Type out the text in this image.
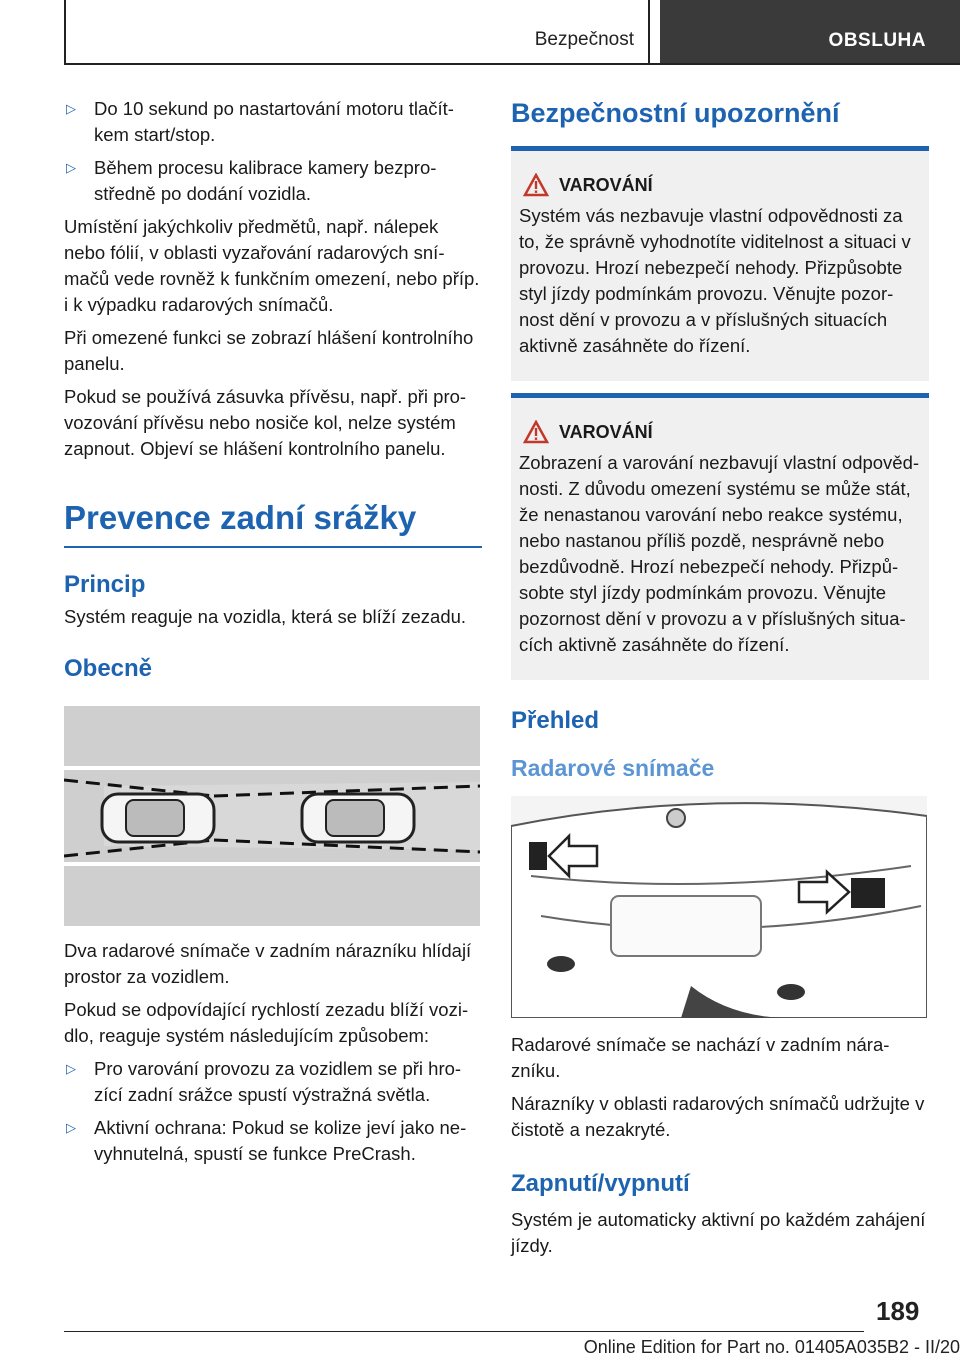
Bezpečnost	OBSLUHA
▷ Do 10 sekund po nastartování motoru tlačítkem start/stop.
▷ Během procesu kalibrace kamery bezprostředně po dodání vozidla.

Umístění jakýchkoliv předmětů, např. nálepek nebo fólií, v oblasti vyzařování radarových snímačů vede rovněž k funkčním omezení, nebo příp. i k výpadku radarových snímačů.

Při omezené funkci se zobrazí hlášení kontrolního panelu.

Pokud se používá zásuvka přívěsu, např. při provozování přívěsu nebo nosiče kol, nelze systém zapnout. Objeví se hlášení kontrolního panelu.

Prevence zadní srážky
Princip

Systém reaguje na vozidla, která se blíží zezadu.

Obecně

Dva radarové snímače v zadním nárazníku hlídají prostor za vozidlem.

Pokud se odpovídající rychlostí zezadu blíží vozidlo, reaguje systém následujícím způsobem:

▷ Pro varování provozu za vozidlem se při hrozící zadní srážce spustí výstražná světla.
▷ Aktivní ochrana: Pokud se kolize jeví jako nevyhnutelná, spustí se funkce PreCrash.
Bezpečnostní upozornění
VAROVÁNÍ

Systém vás nezbavuje vlastní odpovědnosti za to, že správně vyhodnotíte viditelnost a situaci v provozu. Hrozí nebezpečí nehody. Přizpůsobte styl jízdy podmínkám provozu. Věnujte pozornost dění v provozu a v příslušných situacích aktivně zasáhněte do řízení.

VAROVÁNÍ

Zobrazení a varování nezbavují vlastní odpovědnosti. Z důvodu omezení systému se může stát, že nenastanou varování nebo reakce systému, nebo nastanou příliš pozdě, nesprávně nebo bezdůvodně. Hrozí nebezpečí nehody. Přizpůsobte styl jízdy podmínkám provozu. Věnujte pozornost dění v provozu a v příslušných situacích aktivně zasáhněte do řízení.

Přehled
Radarové snímače

Radarové snímače se nachází v zadním nárazníku.

Nárazníky v oblasti radarových snímačů udržujte v čistotě a nezakryté.

Zapnutí/vypnutí

Systém je automaticky aktivní po každém zahájení jízdy.

189
Online Edition for Part no. 01405A035B2 - II/20
